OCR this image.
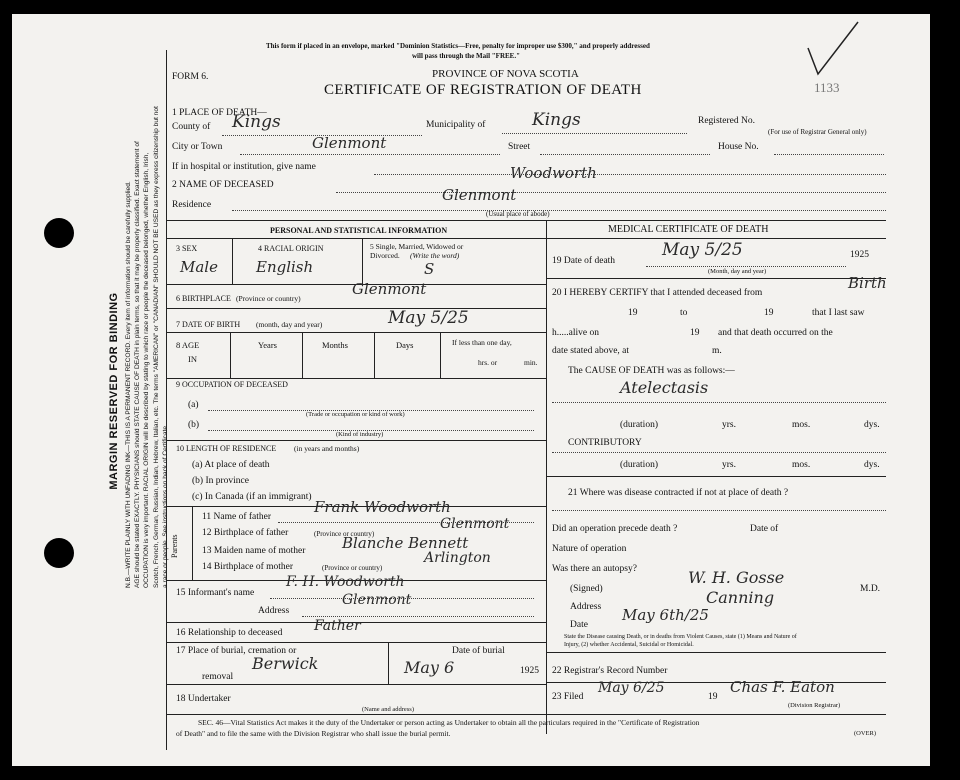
MARGIN RESERVED FOR BINDING N.B.—WRITE PLAINLY WITH UNFADING INK—THIS IS A PERMANENT RECORD. Every item of information should be carefully supplied. AGE should be stated EXACTLY. PHYSICIANS should STATE CAUSE OF DEATH in plain terms, so that it may be properly classified. Exact statement of OCCUPATION is very important. RACIAL ORIGIN will be described by stating to which race or people the deceased belonged, whether English, Irish, Scotch, French, German, Russian, Indian, Hebrew, Italian, etc. The terms "AMERICAN" or "CANADIAN" SHOULD NOT BE USED as they express citizenship but not a race or people. See instructions on back of Certificate.
This form if placed in an envelope, marked "Dominion Statistics—Free, penalty for improper use $300," and properly addressed
will pass through the Mail "FREE."
FORM 6.	PROVINCE OF NOVA SCOTIA
CERTIFICATE OF REGISTRATION OF DEATH	1133
1 PLACE OF DEATH—
County of Kings	Municipality of	Kings	Registered No.
(For use of Registrar General only)
City or Town	Glenmont	Street	House No.
If in hospital or institution, give name
2 NAME OF DECEASED
Woodworth
Residence
Glenmont
(Usual place of abode)
PERSONAL AND STATISTICAL INFORMATION
3 SEX
Male
4 RACIAL ORIGIN
English
5 Single, Married, Widowed or
Divorced. (Write the word)
S
6 BIRTHPLACE (Province or country)
Glenmont
7 DATE OF BIRTH (month, day and year)	May 5/25
8 AGE
IN
Years	Months	Days	If less than one day,
hrs. or	min.
9 OCCUPATION OF DECEASED
(a)
(Trade or occupation or kind of work)
(b)
(Kind of industry)
10 LENGTH OF RESIDENCE (in years and months)
(a) At place of death
(b) In province
(c) In Canada (if an immigrant)
Parents
11 Name of father
Frank Woodworth
12 Birthplace of father	(Province or country)
Glenmont
13 Maiden name of mother Blanche Bennett
14 Birthplace of mother	(Province or country)
Arlington
15 Informant's name
F. H. Woodworth
Address
Glenmont
16 Relationship to deceased Father
17 Place of burial, cremation or
removal
Berwick
Date of burial
May 6	1925
18 Undertaker
(Name and address)
MEDICAL CERTIFICATE OF DEATH
19 Date of death
May 5/25	1925
(Month, day and year)
20 I HEREBY CERTIFY that I attended deceased from
Birth
19	to	19	that I last saw
h.....alive on	19 and that death occurred on the
date stated above, at	m.
The CAUSE OF DEATH was as follows:—
Atelectasis
(duration)	yrs.	mos.	dys.
CONTRIBUTORY
(duration)	yrs.	mos.	dys.
21 Where was disease contracted if not at place of death ?
Did an operation precede death ?	Date of
Nature of operation
Was there an autopsy?
(Signed)
W. H. Gosse
M.D.
Address	Canning
Date
May 6th/25
State the Disease causing Death, or in deaths from Violent Causes, state (1) Means and Nature of
Injury, (2) whether Accidental, Suicidal or Homicidal.
22 Registrar's Record Number
23 Filed
May 6/25
19
Chas F. Eaton
(Division Registrar)
SEC. 46—Vital Statistics Act makes it the duty of the Undertaker or person acting as Undertaker to obtain all the particulars required in the "Certificate of Registration
of Death" and to file the same with the Division Registrar who shall issue the burial permit.	(OVER)
